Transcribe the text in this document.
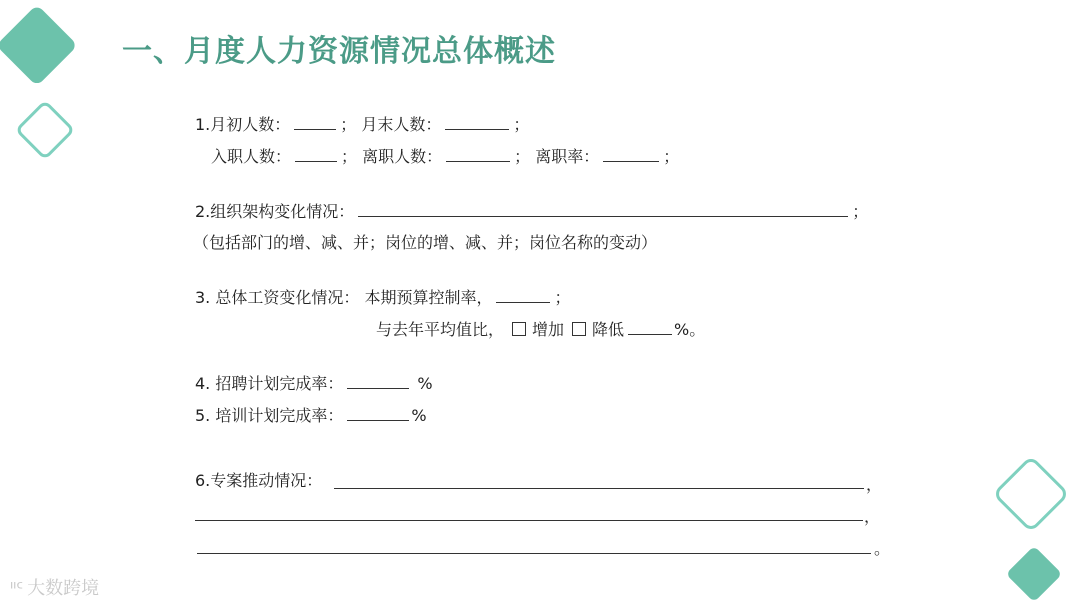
一、月度人力资源情况总体概述
1.月初人数：	； 月末人数：	；
入职人数：	； 离职人数：	； 离职率：	；
2.组织架构变化情况：	；
（包括部门的增、减、并；岗位的增、减、并；岗位名称的变动）
3. 总体工资变化情况： 本期预算控制率，	；
与去年平均值比， 增加 降低	%。
4. 招聘计划完成率：	%
5. 培训计划完成率：	%
6.专案推动情况：	，
，
。
ᐦᑦ 大数跨境
